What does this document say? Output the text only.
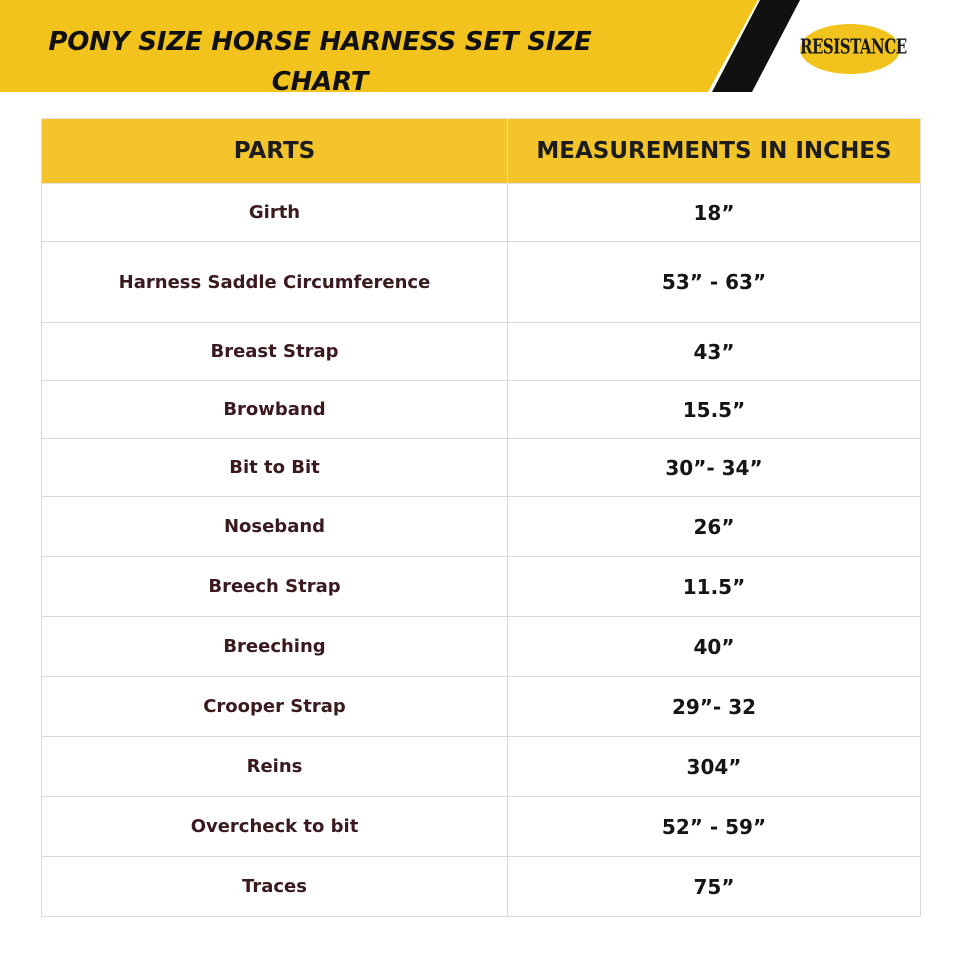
PONY SIZE HORSE HARNESS SET SIZE CHART
RESISTANCE
PARTS	MEASUREMENTS IN INCHES
Girth	18”
Harness Saddle Circumference	53” - 63”
Breast Strap	43”
Browband	15.5”
Bit to Bit	30”- 34”
Noseband	26”
Breech Strap	11.5”
Breeching	40”
Crooper Strap	29”- 32
Reins	304”
Overcheck to bit	52” - 59”
Traces	75”
